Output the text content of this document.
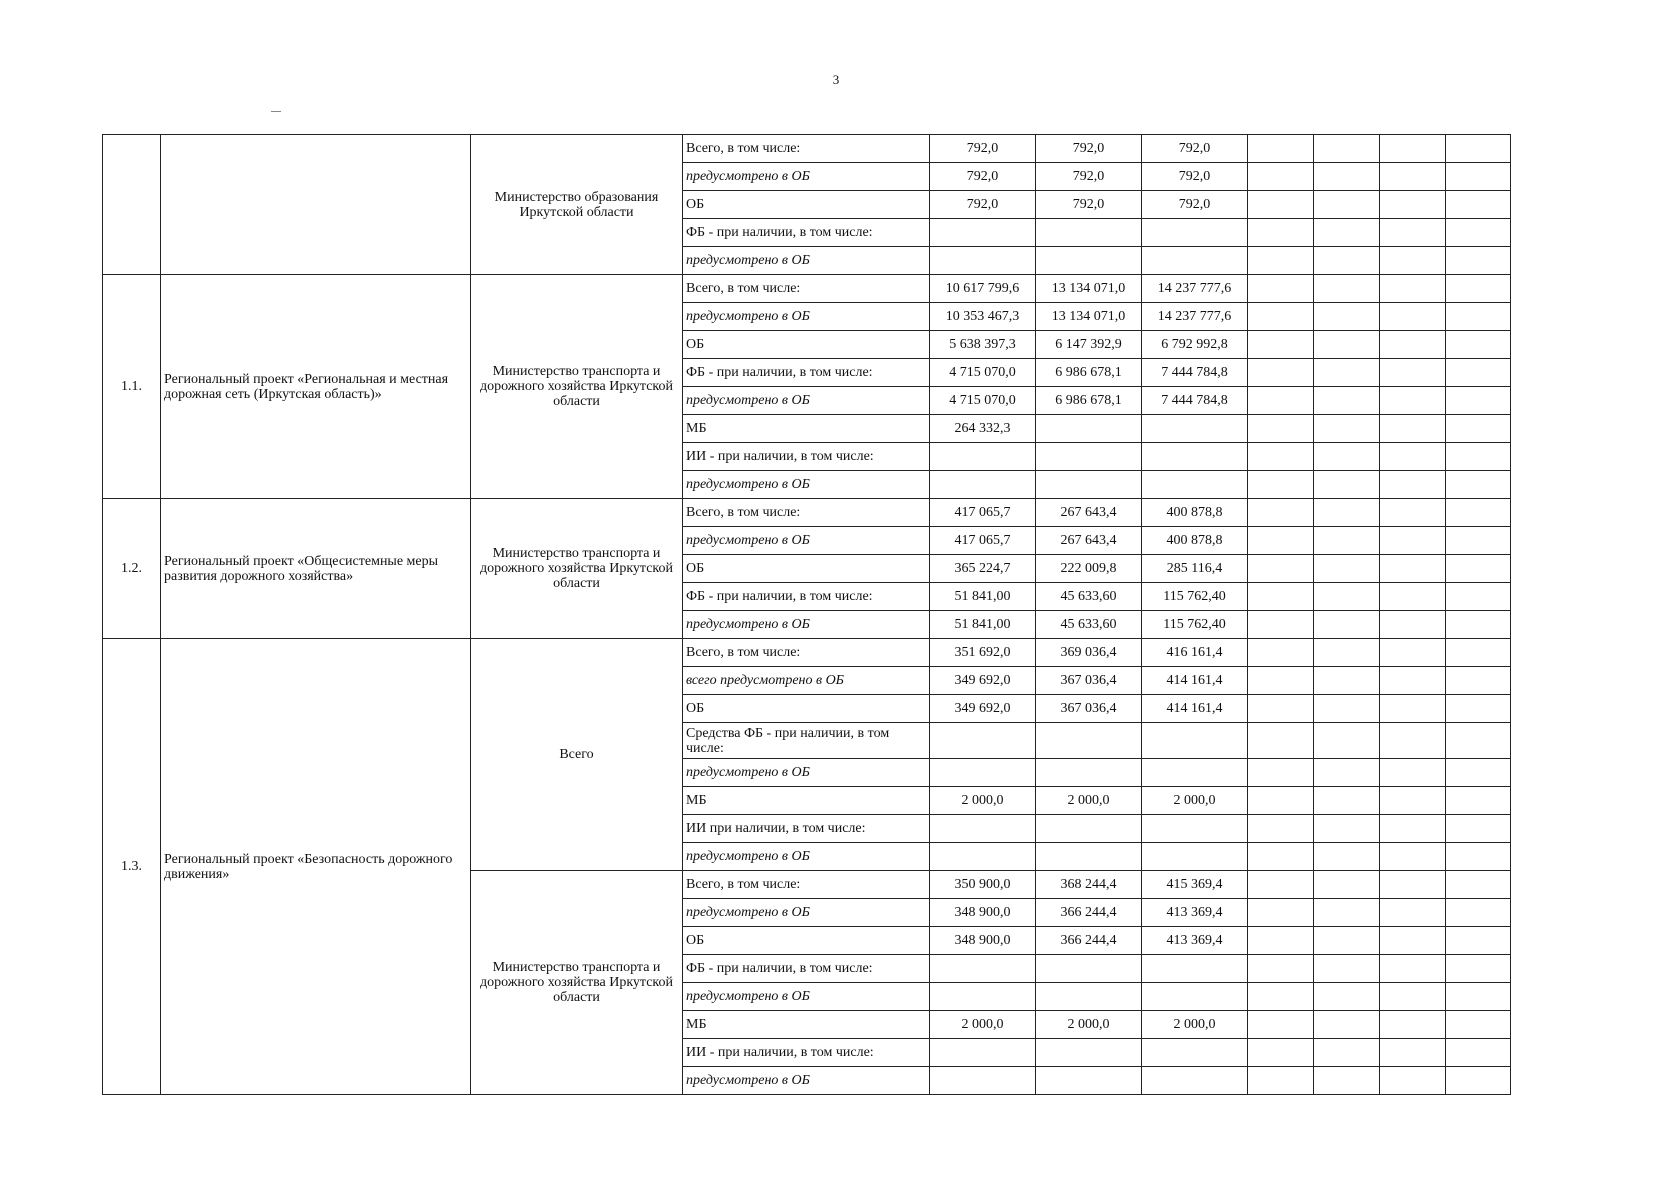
3
		Министерство образования Иркутской области	Всего, в том числе:	792,0	792,0	792,0				
			предусмотрено в ОБ	792,0	792,0	792,0				
			ОБ	792,0	792,0	792,0				
			ФБ - при наличии, в том числе:							
			предусмотрено в ОБ							
1.1.	Региональный проект «Региональная и местная дорожная сеть (Иркутская область)»	Министерство транспорта и дорожного хозяйства Иркутской области	Всего, в том числе:	10 617 799,6	13 134 071,0	14 237 777,6				
			предусмотрено в ОБ	10 353 467,3	13 134 071,0	14 237 777,6				
			ОБ	5 638 397,3	6 147 392,9	6 792 992,8				
			ФБ - при наличии, в том числе:	4 715 070,0	6 986 678,1	7 444 784,8				
			предусмотрено в ОБ	4 715 070,0	6 986 678,1	7 444 784,8				
			МБ	264 332,3						
			ИИ - при наличии, в том числе:							
			предусмотрено в ОБ							
1.2.	Региональный проект «Общесистемные меры развития дорожного хозяйства»	Министерство транспорта и дорожного хозяйства Иркутской области	Всего, в том числе:	417 065,7	267 643,4	400 878,8				
			предусмотрено в ОБ	417 065,7	267 643,4	400 878,8				
			ОБ	365 224,7	222 009,8	285 116,4				
			ФБ - при наличии, в том числе:	51 841,00	45 633,60	115 762,40				
			предусмотрено в ОБ	51 841,00	45 633,60	115 762,40				
1.3.	Региональный проект «Безопасность дорожного движения»	Всего	Всего, в том числе:	351 692,0	369 036,4	416 161,4				
			всего предусмотрено в ОБ	349 692,0	367 036,4	414 161,4				
			ОБ	349 692,0	367 036,4	414 161,4				
			Средства ФБ - при наличии, в том числе:							
			предусмотрено в ОБ							
			МБ	2 000,0	2 000,0	2 000,0				
			ИИ при наличии, в том числе:							
			предусмотрено в ОБ							
		Министерство транспорта и дорожного хозяйства Иркутской области	Всего, в том числе:	350 900,0	368 244,4	415 369,4				
			предусмотрено в ОБ	348 900,0	366 244,4	413 369,4				
			ОБ	348 900,0	366 244,4	413 369,4				
			ФБ - при наличии, в том числе:							
			предусмотрено в ОБ							
			МБ	2 000,0	2 000,0	2 000,0				
			ИИ - при наличии, в том числе:							
			предусмотрено в ОБ							
